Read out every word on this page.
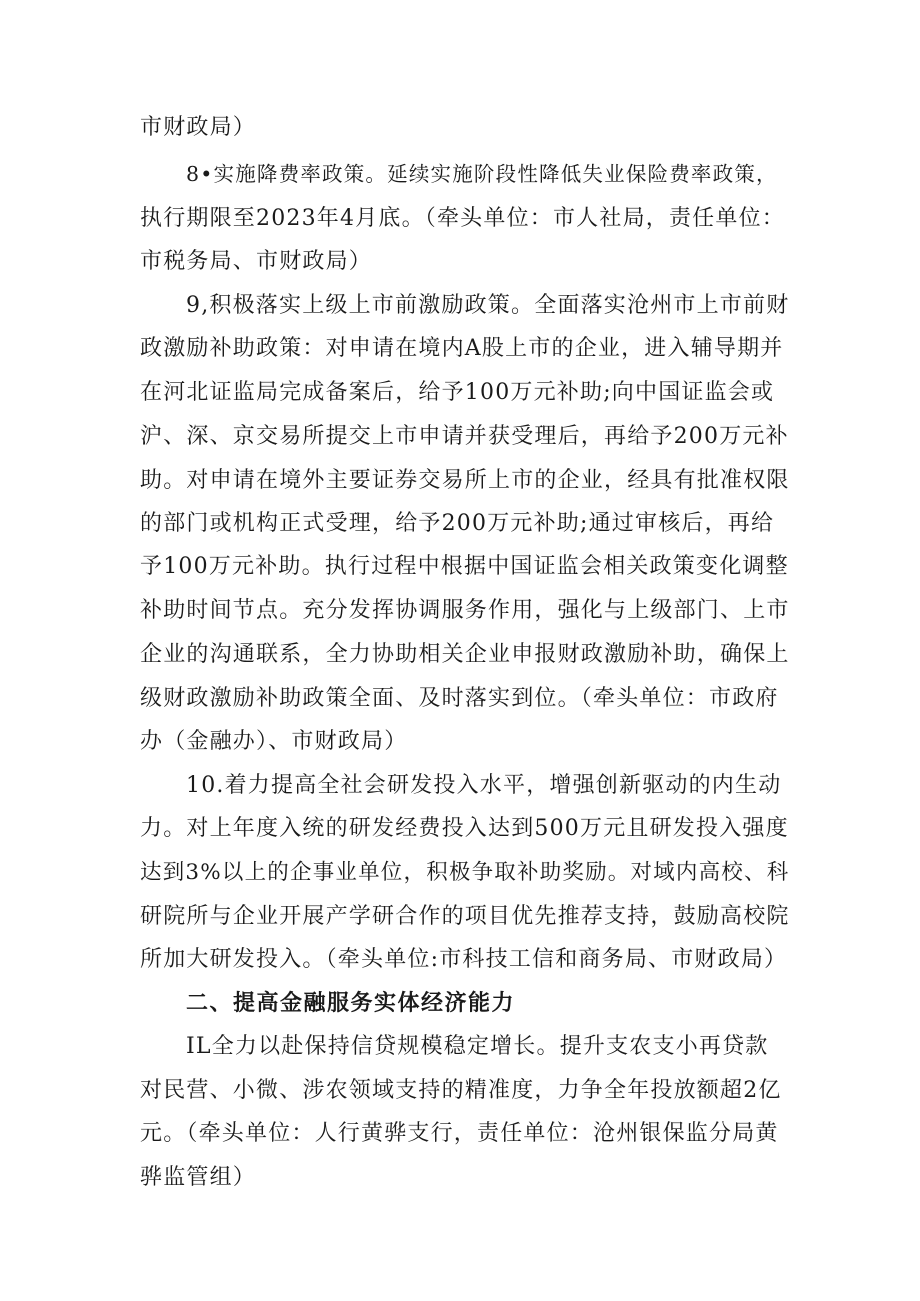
市财政局）
8•实施降费率政策。延续实施阶段性降低失业保险费率政策，
执行期限至2023年4月底。（牵头单位：市人社局，责任单位：
市税务局、市财政局）
9,积极落实上级上市前激励政策。全面落实沧州市上市前财
政激励补助政策：对申请在境内A股上市的企业，进入辅导期并
在河北证监局完成备案后，给予100万元补助;向中国证监会或
沪、深、京交易所提交上市申请并获受理后，再给予200万元补
助。对申请在境外主要证券交易所上市的企业，经具有批准权限
的部门或机构正式受理，给予200万元补助;通过审核后，再给
予100万元补助。执行过程中根据中国证监会相关政策变化调整
补助时间节点。充分发挥协调服务作用，强化与上级部门、上市
企业的沟通联系，全力协助相关企业申报财政激励补助，确保上
级财政激励补助政策全面、及时落实到位。（牵头单位：市政府
办（金融办）、市财政局）
10.着力提高全社会研发投入水平，增强创新驱动的内生动
力。对上年度入统的研发经费投入达到500万元且研发投入强度
达到3%以上的企事业单位，积极争取补助奖励。对域内高校、科
研院所与企业开展产学研合作的项目优先推荐支持，鼓励高校院
所加大研发投入。（牵头单位:市科技工信和商务局、市财政局）
二、提高金融服务实体经济能力
IL全力以赴保持信贷规模稳定增长。提升支农支小再贷款
对民营、小微、涉农领域支持的精准度，力争全年投放额超2亿
元。（牵头单位：人行黄骅支行，责任单位：沧州银保监分局黄
骅监管组）
